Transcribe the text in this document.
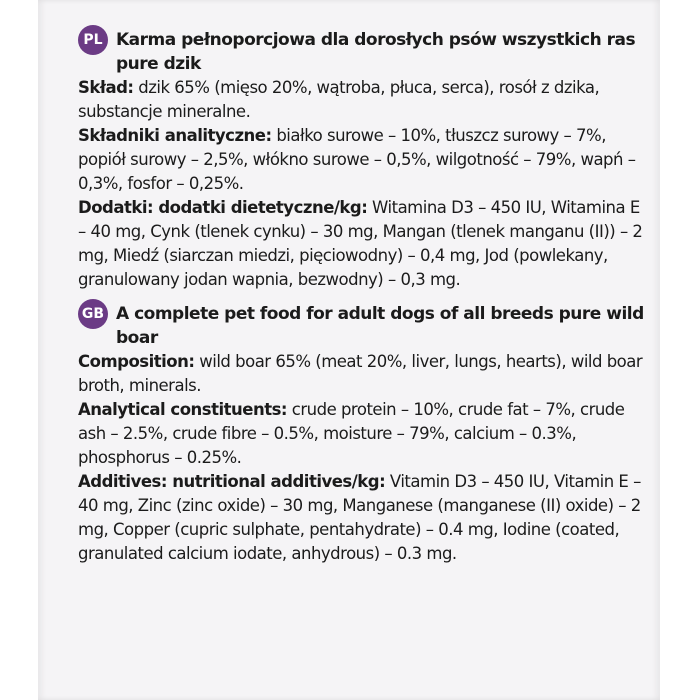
PL Karma pełnoporcjowa dla dorosłych psów wszystkich ras pure dzik

Skład: dzik 65% (mięso 20%, wątroba, płuca, serca), rosół z dzika, substancje mineralne.

Składniki analityczne: białko surowe – 10%, tłuszcz surowy – 7%, popiół surowy – 2,5%, włókno surowe – 0,5%, wilgotność – 79%, wapń – 0,3%, fosfor – 0,25%.

Dodatki: dodatki dietetyczne/kg: Witamina D3 – 450 IU, Witamina E – 40 mg, Cynk (tlenek cynku) – 30 mg, Mangan (tlenek manganu (II)) – 2 mg, Miedź (siarczan miedzi, pięciowodny) – 0,4 mg, Jod (powlekany, granulowany jodan wapnia, bezwodny) – 0,3 mg.

GB A complete pet food for adult dogs of all breeds pure wild boar

Composition: wild boar 65% (meat 20%, liver, lungs, hearts), wild boar broth, minerals.

Analytical constituents: crude protein – 10%, crude fat – 7%, crude ash – 2.5%, crude fibre – 0.5%, moisture – 79%, calcium – 0.3%, phosphorus – 0.25%.

Additives: nutritional additives/kg: Vitamin D3 – 450 IU, Vitamin E – 40 mg, Zinc (zinc oxide) – 30 mg, Manganese (manganese (II) oxide) – 2 mg, Copper (cupric sulphate, pentahydrate) – 0.4 mg, Iodine (coated, granulated calcium iodate, anhydrous) – 0.3 mg.
